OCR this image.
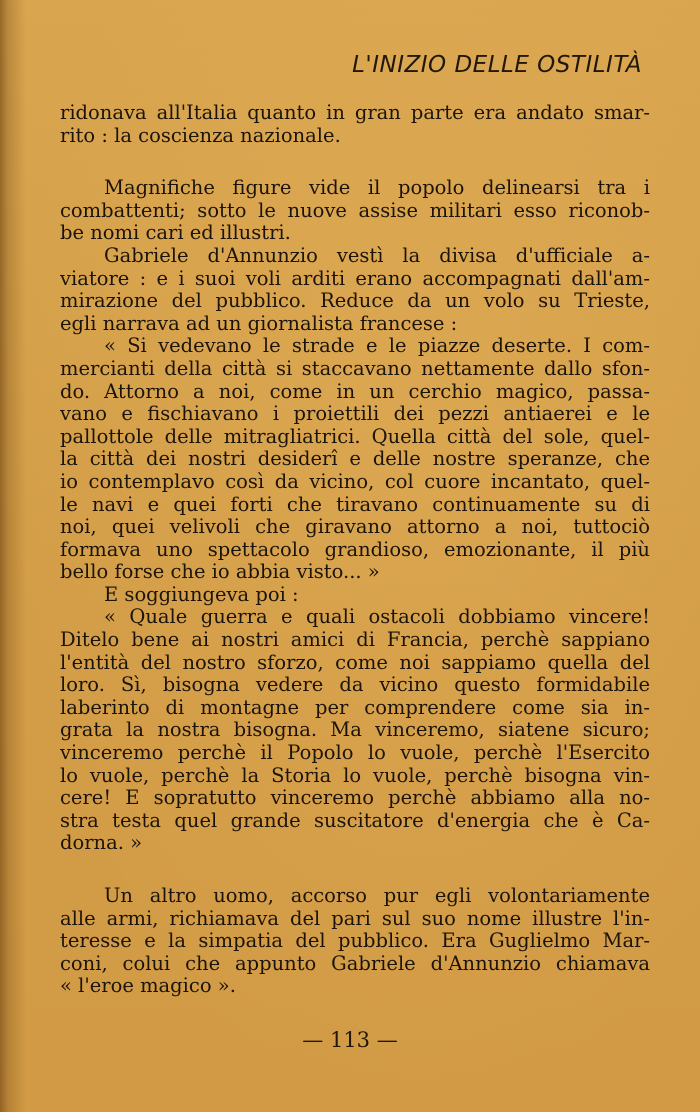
L'INIZIO DELLE OSTILITÀ
ridonava all'Italia quanto in gran parte era andato smar-
rito : la coscienza nazionale.
Magnifiche figure vide il popolo delinearsi tra i
combattenti; sotto le nuove assise militari esso riconob-
be nomi cari ed illustri.
Gabriele d'Annunzio vestì la divisa d'ufficiale a-
viatore : e i suoi voli arditi erano accompagnati dall'am-
mirazione del pubblico. Reduce da un volo su Trieste,
egli narrava ad un giornalista francese :
« Si vedevano le strade e le piazze deserte. I com-
mercianti della città si staccavano nettamente dallo sfon-
do. Attorno a noi, come in un cerchio magico, passa-
vano e fischiavano i proiettili dei pezzi antiaerei e le
pallottole delle mitragliatrici. Quella città del sole, quel-
la città dei nostri desiderî e delle nostre speranze, che
io contemplavo così da vicino, col cuore incantato, quel-
le navi e quei forti che tiravano continuamente su di
noi, quei velivoli che giravano attorno a noi, tuttociò
formava uno spettacolo grandioso, emozionante, il più
bello forse che io abbia visto... »
E soggiungeva poi :
« Quale guerra e quali ostacoli dobbiamo vincere!
Ditelo bene ai nostri amici di Francia, perchè sappiano
l'entità del nostro sforzo, come noi sappiamo quella del
loro. Sì, bisogna vedere da vicino questo formidabile
laberinto di montagne per comprendere come sia in-
grata la nostra bisogna. Ma vinceremo, siatene sicuro;
vinceremo perchè il Popolo lo vuole, perchè l'Esercito
lo vuole, perchè la Storia lo vuole, perchè bisogna vin-
cere! E sopratutto vinceremo perchè abbiamo alla no-
stra testa quel grande suscitatore d'energia che è Ca-
dorna. »
Un altro uomo, accorso pur egli volontariamente
alle armi, richiamava del pari sul suo nome illustre l'in-
teresse e la simpatia del pubblico. Era Guglielmo Mar-
coni, colui che appunto Gabriele d'Annunzio chiamava
« l'eroe magico ».
— 113 —
